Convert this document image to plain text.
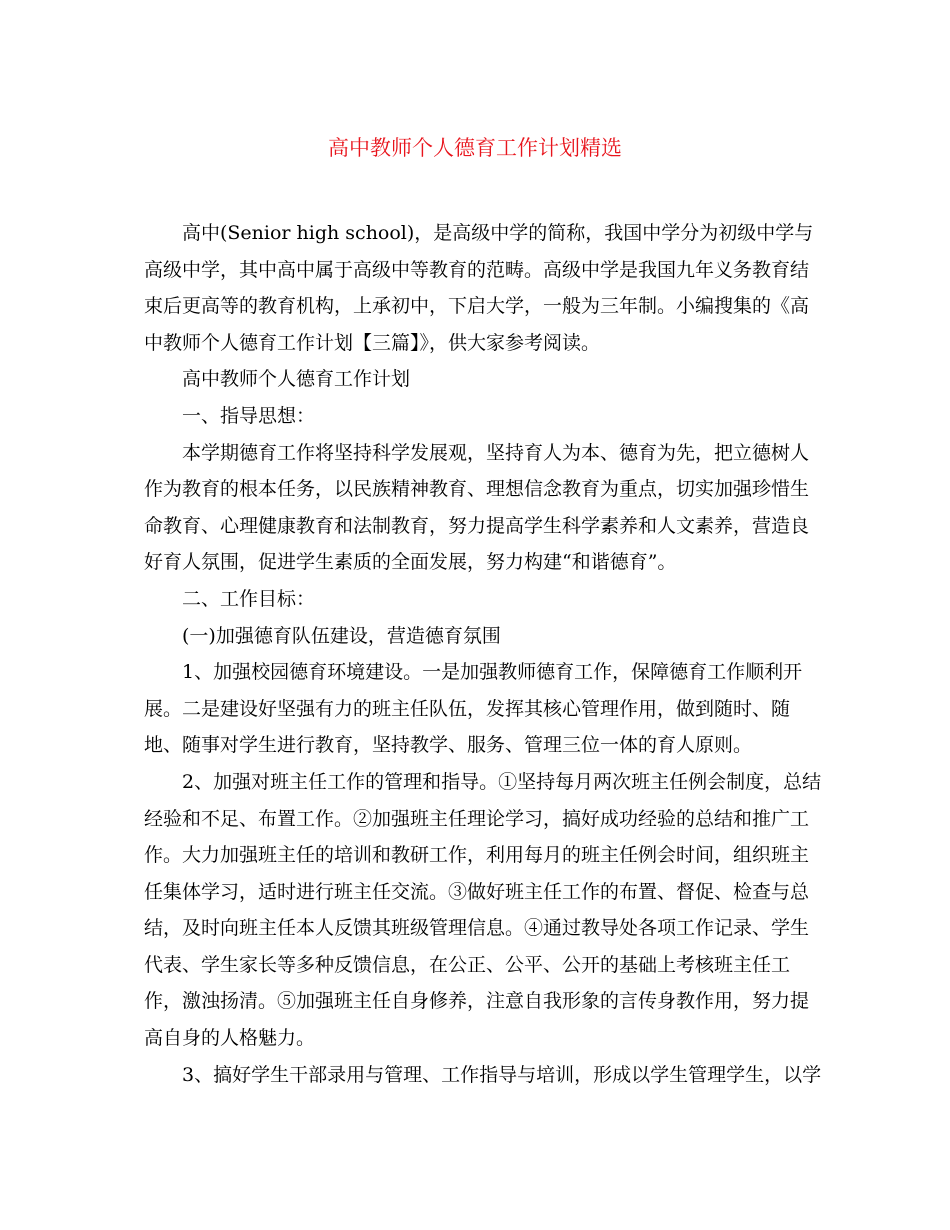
高中教师个人德育工作计划精选
高中(Senior high school)，是高级中学的简称，我国中学分为初级中学与
高级中学，其中高中属于高级中等教育的范畴。高级中学是我国九年义务教育结
束后更高等的教育机构，上承初中，下启大学，一般为三年制。小编搜集的《高
中教师个人德育工作计划【三篇】》，供大家参考阅读。
高中教师个人德育工作计划
一、指导思想：
本学期德育工作将坚持科学发展观，坚持育人为本、德育为先，把立德树人
作为教育的根本任务，以民族精神教育、理想信念教育为重点，切实加强珍惜生
命教育、心理健康教育和法制教育，努力提高学生科学素养和人文素养，营造良
好育人氛围，促进学生素质的全面发展，努力构建“和谐德育”。
二、工作目标：
(一)加强德育队伍建设，营造德育氛围
1、加强校园德育环境建设。一是加强教师德育工作，保障德育工作顺利开
展。二是建设好坚强有力的班主任队伍，发挥其核心管理作用，做到随时、随
地、随事对学生进行教育，坚持教学、服务、管理三位一体的育人原则。
2、加强对班主任工作的管理和指导。①坚持每月两次班主任例会制度，总结
经验和不足、布置工作。②加强班主任理论学习，搞好成功经验的总结和推广工
作。大力加强班主任的培训和教研工作，利用每月的班主任例会时间，组织班主
任集体学习，适时进行班主任交流。③做好班主任工作的布置、督促、检查与总
结，及时向班主任本人反馈其班级管理信息。④通过教导处各项工作记录、学生
代表、学生家长等多种反馈信息，在公正、公平、公开的基础上考核班主任工
作，激浊扬清。⑤加强班主任自身修养，注意自我形象的言传身教作用，努力提
高自身的人格魅力。
3、搞好学生干部录用与管理、工作指导与培训，形成以学生管理学生，以学
